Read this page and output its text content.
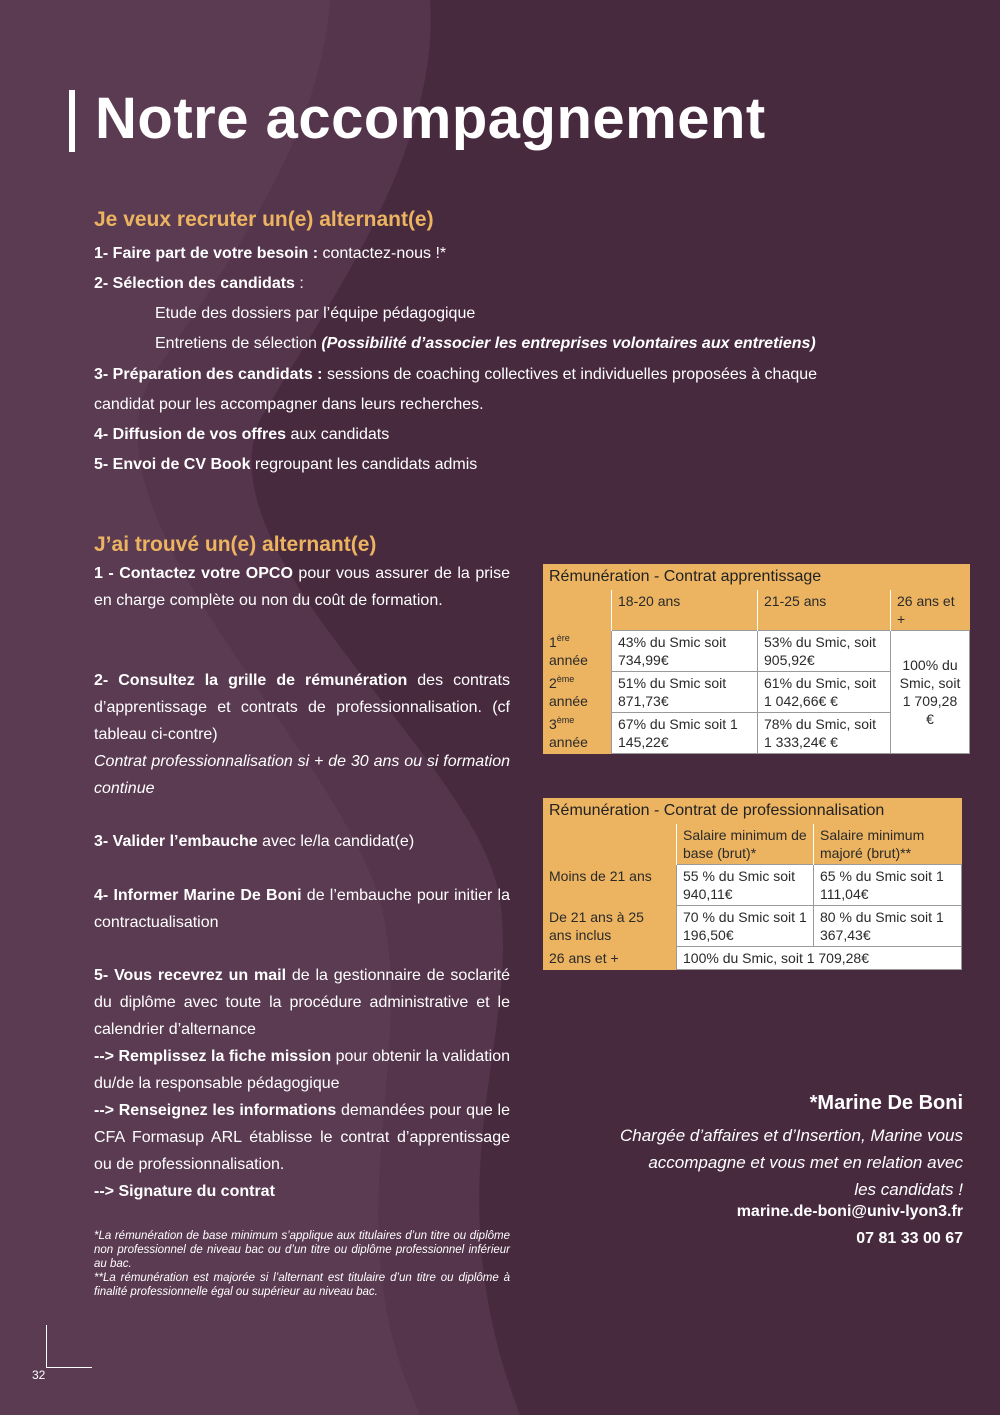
Notre accompagnement
Je veux recruter un(e) alternant(e)
1- Faire part de votre besoin : contactez-nous !*
2- Sélection des candidats :
Etude des dossiers par l’équipe pédagogique
Entretiens de sélection (Possibilité d’associer les entreprises volontaires aux entretiens)
3- Préparation des candidats : sessions de coaching collectives et individuelles proposées à chaque
candidat pour les accompagner dans leurs recherches.
4- Diffusion de vos offres aux candidats
5- Envoi de CV Book regroupant les candidats admis
J’ai trouvé un(e) alternant(e)
1 - Contactez votre OPCO pour vous assurer de la prise en charge complète ou non du coût de formation.
2- Consultez la grille de rémunération des contrats d’apprentissage et contrats de professionnalisation. (cf tableau ci-contre)
Contrat professionnalisation si + de 30 ans ou si formation continue
3- Valider l’embauche avec le/la candidat(e)
4- Informer Marine De Boni de l’embauche pour initier la contractualisation
5- Vous recevrez un mail de la gestionnaire de soclarité du diplôme avec toute la procédure administrative et le calendrier d’alternance
--> Remplissez la fiche mission pour obtenir la validation du/de la responsable pédagogique
--> Renseignez les informations demandées pour que le CFA Formasup ARL établisse le contrat d’apprentissage ou de professionnalisation.
--> Signature du contrat
*La rémunération de base minimum s’applique aux titulaires d’un titre ou diplôme non professionnel de niveau bac ou d’un titre ou diplôme professionnel inférieur au bac.
**La rémunération est majorée si l’alternant est titulaire d’un titre ou diplôme à finalité professionnelle égal ou supérieur au niveau bac.
Rémunération - Contrat apprentissage			
	18-20 ans	21-25 ans	26 ans et +
1ère
année	43% du Smic soit 734,99€	53% du Smic, soit 905,92€	100% du Smic, soit 1 709,28 €
2ème
année	51% du Smic soit 871,73€	61% du Smic, soit 1 042,66€ €	
3ème
année	67% du Smic soit 1 145,22€	78% du Smic, soit 1 333,24€ €	
Rémunération - Contrat de professionnalisation		
	Salaire minimum de base (brut)*	Salaire minimum majoré (brut)**
Moins de 21 ans	55 % du Smic soit 940,11€	65 % du Smic soit 1 111,04€
De 21 ans à 25 ans inclus	70 % du Smic soit 1 196,50€	80 % du Smic soit 1 367,43€
26 ans et +	100% du Smic, soit 1 709,28€	
*Marine De Boni
Chargée d’affaires et d’Insertion, Marine vous
accompagne et vous met en relation avec
les candidats !
marine.de-boni@univ-lyon3.fr
07 81 33 00 67
32
